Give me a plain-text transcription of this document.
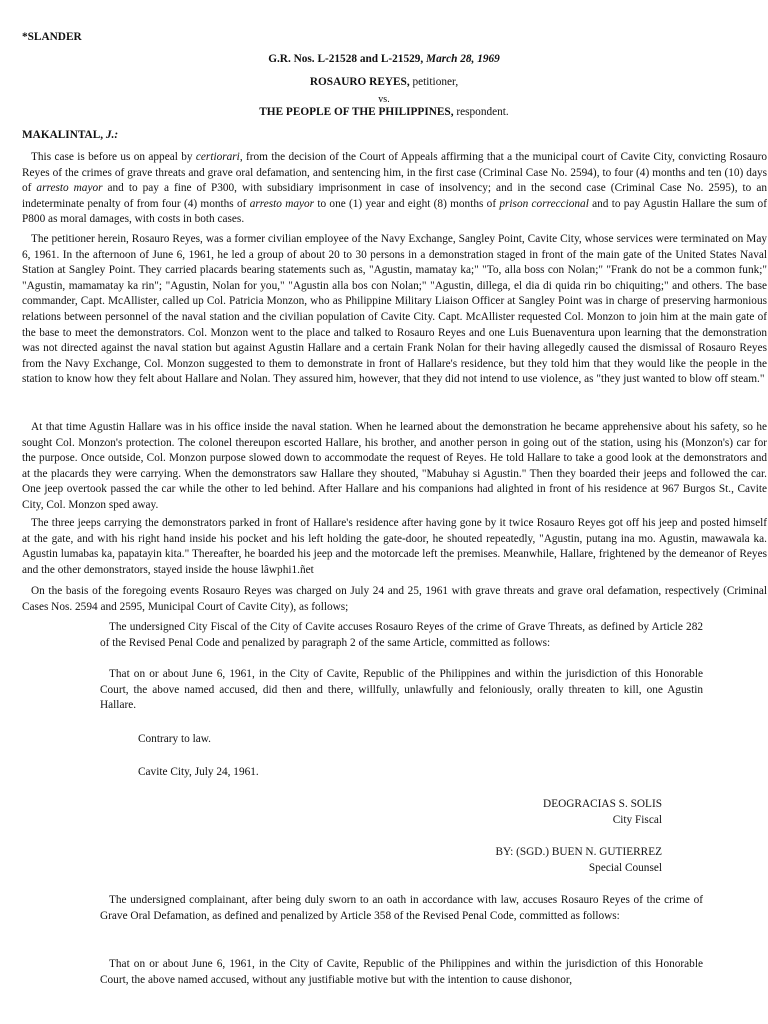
*SLANDER
G.R. Nos. L-21528 and L-21529, March 28, 1969
ROSAURO REYES, petitioner,
vs.
THE PEOPLE OF THE PHILIPPINES, respondent.
MAKALINTAL, J.:

This case is before us on appeal by certiorari, from the decision of the Court of Appeals affirming that a the municipal court of Cavite City, convicting Rosauro Reyes of the crimes of grave threats and grave oral defamation, and sentencing him, in the first case (Criminal Case No. 2594), to four (4) months and ten (10) days of arresto mayor and to pay a fine of P300, with subsidiary imprisonment in case of insolvency; and in the second case (Criminal Case No. 2595), to an indeterminate penalty of from four (4) months of arresto mayor to one (1) year and eight (8) months of prison correccional and to pay Agustin Hallare the sum of P800 as moral damages, with costs in both cases.

The petitioner herein, Rosauro Reyes, was a former civilian employee of the Navy Exchange, Sangley Point, Cavite City, whose services were terminated on May 6, 1961. In the afternoon of June 6, 1961, he led a group of about 20 to 30 persons in a demonstration staged in front of the main gate of the United States Naval Station at Sangley Point. They carried placards bearing statements such as, "Agustin, mamatay ka;" "To, alla boss con Nolan;" "Frank do not be a common funk;" "Agustin, mamamatay ka rin"; "Agustin, Nolan for you," "Agustin alla bos con Nolan;" "Agustin, dillega, el dia di quida rin bo chiquiting;" and others. The base commander, Capt. McAllister, called up Col. Patricia Monzon, who as Philippine Military Liaison Officer at Sangley Point was in charge of preserving harmonious relations between personnel of the naval station and the civilian population of Cavite City. Capt. McAllister requested Col. Monzon to join him at the main gate of the base to meet the demonstrators. Col. Monzon went to the place and talked to Rosauro Reyes and one Luis Buenaventura upon learning that the demonstration was not directed against the naval station but against Agustin Hallare and a certain Frank Nolan for their having allegedly caused the dismissal of Rosauro Reyes from the Navy Exchange, Col. Monzon suggested to them to demonstrate in front of Hallare's residence, but they told him that they would like the people in the station to know how they felt about Hallare and Nolan. They assured him, however, that they did not intend to use violence, as "they just wanted to blow off steam."

At that time Agustin Hallare was in his office inside the naval station. When he learned about the demonstration he became apprehensive about his safety, so he sought Col. Monzon's protection. The colonel thereupon escorted Hallare, his brother, and another person in going out of the station, using his (Monzon's) car for the purpose. Once outside, Col. Monzon purpose slowed down to accommodate the request of Reyes. He told Hallare to take a good look at the demonstrators and at the placards they were carrying. When the demonstrators saw Hallare they shouted, "Mabuhay si Agustin." Then they boarded their jeeps and followed the car. One jeep overtook passed the car while the other to led behind. After Hallare and his companions had alighted in front of his residence at 967 Burgos St., Cavite City, Col. Monzon sped away.

The three jeeps carrying the demonstrators parked in front of Hallare's residence after having gone by it twice Rosauro Reyes got off his jeep and posted himself at the gate, and with his right hand inside his pocket and his left holding the gate-door, he shouted repeatedly, "Agustin, putang ina mo. Agustin, mawawala ka. Agustin lumabas ka, papatayin kita." Thereafter, he boarded his jeep and the motorcade left the premises. Meanwhile, Hallare, frightened by the demeanor of Reyes and the other demonstrators, stayed inside the house lâwphi1.ñet

On the basis of the foregoing events Rosauro Reyes was charged on July 24 and 25, 1961 with grave threats and grave oral defamation, respectively (Criminal Cases Nos. 2594 and 2595, Municipal Court of Cavite City), as follows;

The undersigned City Fiscal of the City of Cavite accuses Rosauro Reyes of the crime of Grave Threats, as defined by Article 282 of the Revised Penal Code and penalized by paragraph 2 of the same Article, committed as follows:

That on or about June 6, 1961, in the City of Cavite, Republic of the Philippines and within the jurisdiction of this Honorable Court, the above named accused, did then and there, willfully, unlawfully and feloniously, orally threaten to kill, one Agustin Hallare.

Contrary to law.

Cavite City, July 24, 1961.

DEOGRACIAS S. SOLIS
City Fiscal
BY: (SGD.) BUEN N. GUTIERREZ
Special Counsel

The undersigned complainant, after being duly sworn to an oath in accordance with law, accuses Rosauro Reyes of the crime of Grave Oral Defamation, as defined and penalized by Article 358 of the Revised Penal Code, committed as follows:

That on or about June 6, 1961, in the City of Cavite, Republic of the Philippines and within the jurisdiction of this Honorable Court, the above named accused, without any justifiable motive but with the intention to cause dishonor,
